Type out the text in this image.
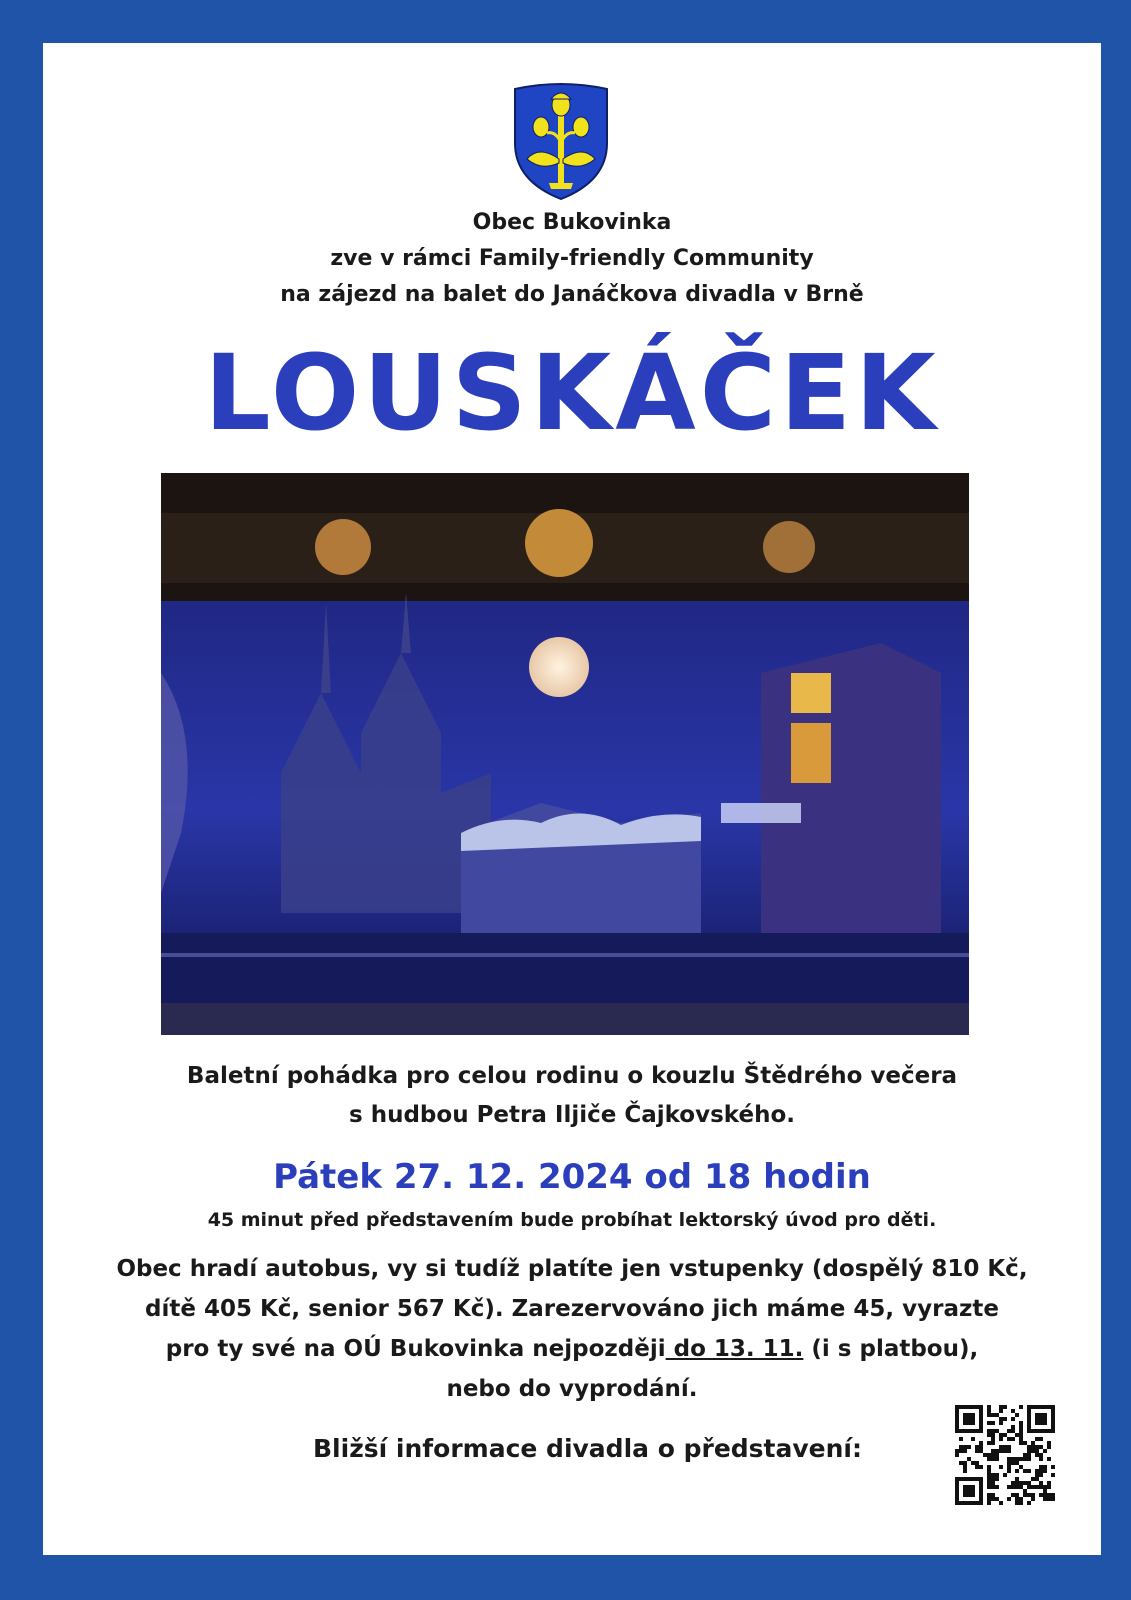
Obec Bukovinka
zve v rámci Family-friendly Community
na zájezd na balet do Janáčkova divadla v Brně
LOUSKÁČEK
Baletní pohádka pro celou rodinu o kouzlu Štědrého večera
s hudbou Petra Iljiče Čajkovského.
Pátek 27. 12. 2024 od 18 hodin
45 minut před představením bude probíhat lektorský úvod pro děti.
Obec hradí autobus, vy si tudíž platíte jen vstupenky (dospělý 810 Kč,
dítě 405 Kč, senior 567 Kč). Zarezervováno jich máme 45, vyrazte
pro ty své na OÚ Bukovinka nejpozději do 13. 11. (i s platbou),
nebo do vyprodání.
Bližší informace divadla o představení:
